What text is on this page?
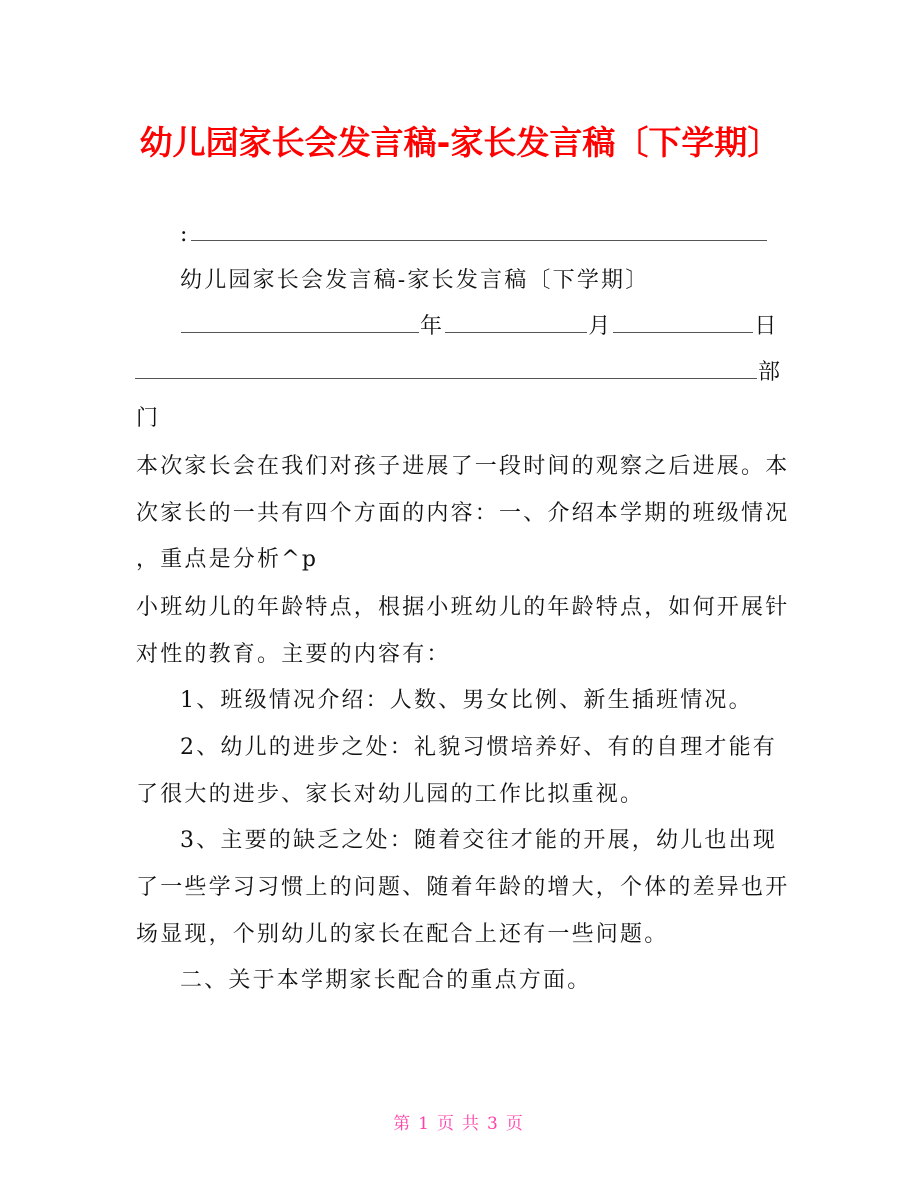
幼儿园家长会发言稿-家长发言稿〔下学期〕
:
幼儿园家长会发言稿-家长发言稿〔下学期〕
年	月	日
部
门
本次家长会在我们对孩子进展了一段时间的观察之后进展。本
次家长的一共有四个方面的内容：一、介绍本学期的班级情况
，重点是分析^p
小班幼儿的年龄特点，根据小班幼儿的年龄特点，如何开展针
对性的教育。主要的内容有：
1、班级情况介绍：人数、男女比例、新生插班情况。
2、幼儿的进步之处：礼貌习惯培养好、有的自理才能有
了很大的进步、家长对幼儿园的工作比拟重视。
3、主要的缺乏之处：随着交往才能的开展，幼儿也出现
了一些学习习惯上的问题、随着年龄的增大，个体的差异也开
场显现，个别幼儿的家长在配合上还有一些问题。
二、关于本学期家长配合的重点方面。
第 1 页 共 3 页
